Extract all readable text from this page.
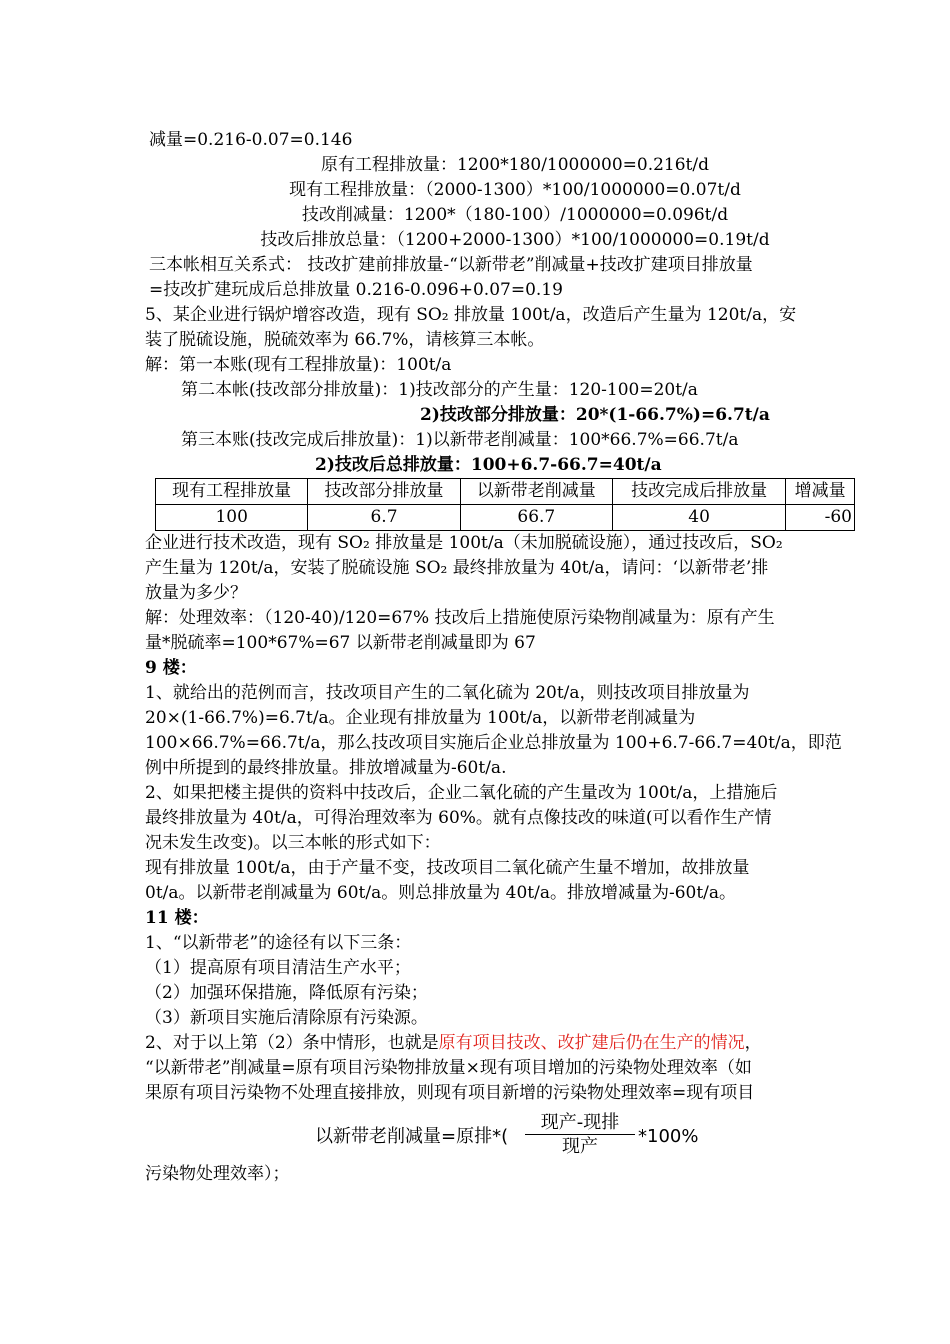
减量=0.216-0.07=0.146
原有工程排放量：1200*180/1000000=0.216t/d
现有工程排放量：（2000-1300）*100/1000000=0.07t/d
技改削减量：1200*（180-100）/1000000=0.096t/d
技改后排放总量：（1200+2000-1300）*100/1000000=0.19t/d
三本帐相互关系式： 技改扩建前排放量-“以新带老”削减量+技改扩建项目排放量
=技改扩建玩成后总排放量 0.216-0.096+0.07=0.19
5、某企业进行锅炉增容改造，现有 SO₂ 排放量 100t/a，改造后产生量为 120t/a，安
装了脱硫设施，脱硫效率为 66.7%，请核算三本帐。
解：第一本账(现有工程排放量)：100t/a
第二本帐(技改部分排放量)：1)技改部分的产生量：120-100=20t/a
2)技改部分排放量：20*(1-66.7%)=6.7t/a
第三本账(技改完成后排放量)：1)以新带老削减量：100*66.7%=66.7t/a
2)技改后总排放量：100+6.7-66.7=40t/a
现有工程排放量	技改部分排放量	以新带老削减量	技改完成后排放量	增减量
100	6.7	66.7	40	-60
企业进行技术改造，现有 SO₂ 排放量是 100t/a（未加脱硫设施），通过技改后，SO₂
产生量为 120t/a，安装了脱硫设施 SO₂ 最终排放量为 40t/a，请问：‘以新带老’排
放量为多少？
解：处理效率：（120-40)/120=67% 技改后上措施使原污染物削减量为：原有产生
量*脱硫率=100*67%=67 以新带老削减量即为 67
9 楼：
1、就给出的范例而言，技改项目产生的二氧化硫为 20t/a，则技改项目排放量为
20×(1-66.7%)=6.7t/a。企业现有排放量为 100t/a，以新带老削减量为
100×66.7%=66.7t/a，那么技改项目实施后企业总排放量为 100+6.7-66.7=40t/a，即范
例中所提到的最终排放量。排放增减量为-60t/a.
2、如果把楼主提供的资料中技改后，企业二氧化硫的产生量改为 100t/a，上措施后
最终排放量为 40t/a，可得治理效率为 60%。就有点像技改的味道(可以看作生产情
况未发生改变)。以三本帐的形式如下：
现有排放量 100t/a，由于产量不变，技改项目二氧化硫产生量不增加，故排放量
0t/a。以新带老削减量为 60t/a。则总排放量为 40t/a。排放增减量为-60t/a。
11 楼：
1、“以新带老”的途径有以下三条：
（1）提高原有项目清洁生产水平；
（2）加强环保措施，降低原有污染；
（3）新项目实施后清除原有污染源。
2、对于以上第（2）条中情形，也就是原有项目技改、改扩建后仍在生产的情况，
“以新带老”削减量=原有项目污染物排放量×现有项目增加的污染物处理效率（如
果原有项目污染物不处理直接排放，则现有项目新增的污染物处理效率=现有项目
以新带老削减量=原排*(
现产-现排
现产	*100%
污染物处理效率）；
